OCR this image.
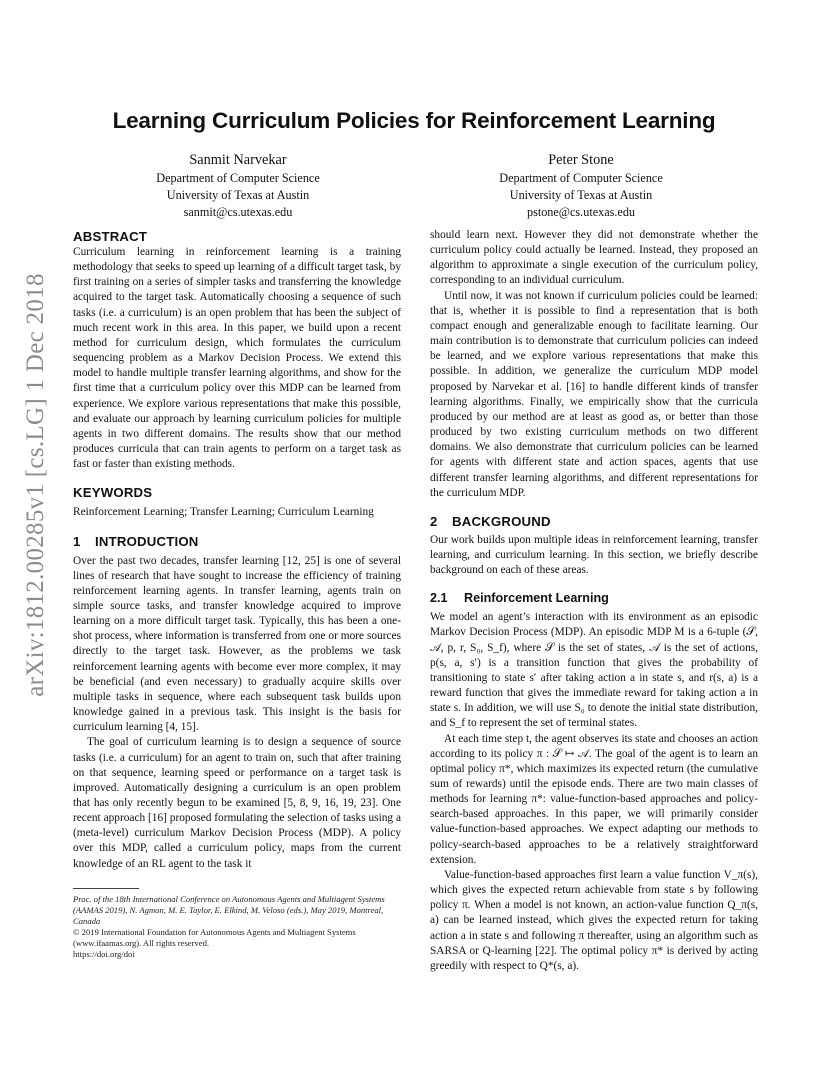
arXiv:1812.00285v1 [cs.LG] 1 Dec 2018
Learning Curriculum Policies for Reinforcement Learning
Sanmit Narvekar
Department of Computer Science
University of Texas at Austin
sanmit@cs.utexas.edu
Peter Stone
Department of Computer Science
University of Texas at Austin
pstone@cs.utexas.edu
ABSTRACT

Curriculum learning in reinforcement learning is a training methodology that seeks to speed up learning of a difficult target task, by first training on a series of simpler tasks and transferring the knowledge acquired to the target task. Automatically choosing a sequence of such tasks (i.e. a curriculum) is an open problem that has been the subject of much recent work in this area. In this paper, we build upon a recent method for curriculum design, which formulates the curriculum sequencing problem as a Markov Decision Process. We extend this model to handle multiple transfer learning algorithms, and show for the first time that a curriculum policy over this MDP can be learned from experience. We explore various representations that make this possible, and evaluate our approach by learning curriculum policies for multiple agents in two different domains. The results show that our method produces curricula that can train agents to perform on a target task as fast or faster than existing methods.

KEYWORDS

Reinforcement Learning; Transfer Learning; Curriculum Learning

1 INTRODUCTION

Over the past two decades, transfer learning [12, 25] is one of several lines of research that have sought to increase the efficiency of training reinforcement learning agents. In transfer learning, agents train on simple source tasks, and transfer knowledge acquired to improve learning on a more difficult target task. Typically, this has been a one-shot process, where information is transferred from one or more sources directly to the target task. However, as the problems we task reinforcement learning agents with become ever more complex, it may be beneficial (and even necessary) to gradually acquire skills over multiple tasks in sequence, where each subsequent task builds upon knowledge gained in a previous task. This insight is the basis for curriculum learning [4, 15].

The goal of curriculum learning is to design a sequence of source tasks (i.e. a curriculum) for an agent to train on, such that after training on that sequence, learning speed or performance on a target task is improved. Automatically designing a curriculum is an open problem that has only recently begun to be examined [5, 8, 9, 16, 19, 23]. One recent approach [16] proposed formulating the selection of tasks using a (meta-level) curriculum Markov Decision Process (MDP). A policy over this MDP, called a curriculum policy, maps from the current knowledge of an RL agent to the task it

should learn next. However they did not demonstrate whether the curriculum policy could actually be learned. Instead, they proposed an algorithm to approximate a single execution of the curriculum policy, corresponding to an individual curriculum.

Until now, it was not known if curriculum policies could be learned: that is, whether it is possible to find a representation that is both compact enough and generalizable enough to facilitate learning. Our main contribution is to demonstrate that curriculum policies can indeed be learned, and we explore various representations that make this possible. In addition, we generalize the curriculum MDP model proposed by Narvekar et al. [16] to handle different kinds of transfer learning algorithms. Finally, we empirically show that the curricula produced by our method are at least as good as, or better than those produced by two existing curriculum methods on two different domains. We also demonstrate that curriculum policies can be learned for agents with different state and action spaces, agents that use different transfer learning algorithms, and different representations for the curriculum MDP.

2 BACKGROUND

Our work builds upon multiple ideas in reinforcement learning, transfer learning, and curriculum learning. In this section, we briefly describe background on each of these areas.

2.1 Reinforcement Learning

We model an agent’s interaction with its environment as an episodic Markov Decision Process (MDP). An episodic MDP M is a 6-tuple (𝒮, 𝒜, p, r, S₀, S_f), where 𝒮 is the set of states, 𝒜 is the set of actions, p(s, a, s′) is a transition function that gives the probability of transitioning to state s′ after taking action a in state s, and r(s, a) is a reward function that gives the immediate reward for taking action a in state s. In addition, we will use S₀ to denote the initial state distribution, and S_f to represent the set of terminal states.

At each time step t, the agent observes its state and chooses an action according to its policy π : 𝒮 ↦ 𝒜. The goal of the agent is to learn an optimal policy π*, which maximizes its expected return (the cumulative sum of rewards) until the episode ends. There are two main classes of methods for learning π*: value-function-based approaches and policy-search-based approaches. In this paper, we will primarily consider value-function-based approaches. We expect adapting our methods to policy-search-based approaches to be a relatively straightforward extension.

Value-function-based approaches first learn a value function V_π(s), which gives the expected return achievable from state s by following policy π. When a model is not known, an action-value function Q_π(s, a) can be learned instead, which gives the expected return for taking action a in state s and following π thereafter, using an algorithm such as SARSA or Q-learning [22]. The optimal policy π* is derived by acting greedily with respect to Q*(s, a).

Proc. of the 18th International Conference on Autonomous Agents and Multiagent Systems (AAMAS 2019), N. Agmon, M. E. Taylor, E. Elkind, M. Veloso (eds.), May 2019, Montreal, Canada
© 2019 International Foundation for Autonomous Agents and Multiagent Systems (www.ifaamas.org). All rights reserved.
https://doi.org/doi
